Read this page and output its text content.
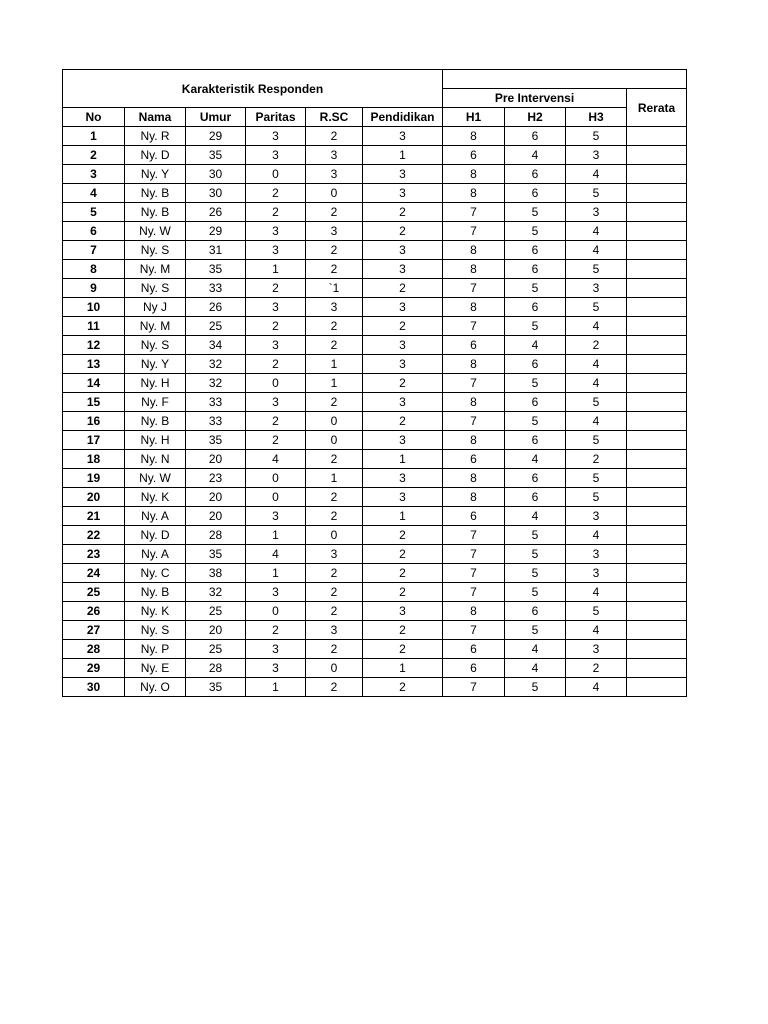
Karakteristik Responden									
						Pre Intervensi			Rerata
No	Nama	Umur	Paritas	R.SC	Pendidikan	H1	H2	H3	
1	Ny. R	29	3	2	3	8	6	5	
2	Ny. D	35	3	3	1	6	4	3	
3	Ny. Y	30	0	3	3	8	6	4	
4	Ny. B	30	2	0	3	8	6	5	
5	Ny. B	26	2	2	2	7	5	3	
6	Ny. W	29	3	3	2	7	5	4	
7	Ny. S	31	3	2	3	8	6	4	
8	Ny. M	35	1	2	3	8	6	5	
9	Ny. S	33	2	`1	2	7	5	3	
10	Ny J	26	3	3	3	8	6	5	
11	Ny. M	25	2	2	2	7	5	4	
12	Ny. S	34	3	2	3	6	4	2	
13	Ny. Y	32	2	1	3	8	6	4	
14	Ny. H	32	0	1	2	7	5	4	
15	Ny. F	33	3	2	3	8	6	5	
16	Ny. B	33	2	0	2	7	5	4	
17	Ny. H	35	2	0	3	8	6	5	
18	Ny. N	20	4	2	1	6	4	2	
19	Ny. W	23	0	1	3	8	6	5	
20	Ny. K	20	0	2	3	8	6	5	
21	Ny. A	20	3	2	1	6	4	3	
22	Ny. D	28	1	0	2	7	5	4	
23	Ny. A	35	4	3	2	7	5	3	
24	Ny. C	38	1	2	2	7	5	3	
25	Ny. B	32	3	2	2	7	5	4	
26	Ny. K	25	0	2	3	8	6	5	
27	Ny. S	20	2	3	2	7	5	4	
28	Ny. P	25	3	2	2	6	4	3	
29	Ny. E	28	3	0	1	6	4	2	
30	Ny. O	35	1	2	2	7	5	4	
